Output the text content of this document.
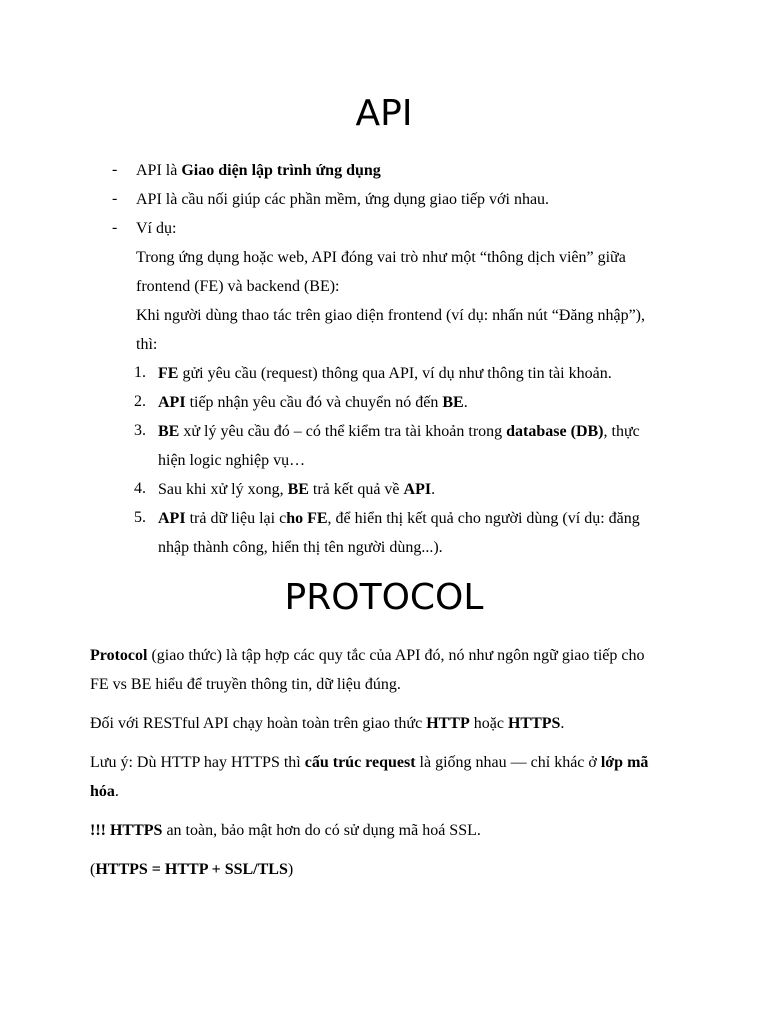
API
- API là Giao diện lập trình ứng dụng
- API là cầu nối giúp các phần mềm, ứng dụng giao tiếp với nhau.
- Ví dụ:
Trong ứng dụng hoặc web, API đóng vai trò như một “thông dịch viên” giữa
frontend (FE) và backend (BE):
Khi người dùng thao tác trên giao diện frontend (ví dụ: nhấn nút “Đăng nhập”),
thì:
1. FE gửi yêu cầu (request) thông qua API, ví dụ như thông tin tài khoản.
2. API tiếp nhận yêu cầu đó và chuyển nó đến BE.
3. BE xử lý yêu cầu đó – có thể kiểm tra tài khoản trong database (DB), thực
hiện logic nghiệp vụ…
4. Sau khi xử lý xong, BE trả kết quả về API.
5. API trả dữ liệu lại cho FE, để hiển thị kết quả cho người dùng (ví dụ: đăng
nhập thành công, hiển thị tên người dùng...).
PROTOCOL
Protocol (giao thức) là tập hợp các quy tắc của API đó, nó như ngôn ngữ giao tiếp cho
FE vs BE hiểu để truyền thông tin, dữ liệu đúng.
Đối với RESTful API chạy hoàn toàn trên giao thức HTTP hoặc HTTPS.
Lưu ý: Dù HTTP hay HTTPS thì cấu trúc request là giống nhau — chỉ khác ở lớp mã
hóa.
!!! HTTPS an toàn, bảo mật hơn do có sử dụng mã hoá SSL.
(HTTPS = HTTP + SSL/TLS)
